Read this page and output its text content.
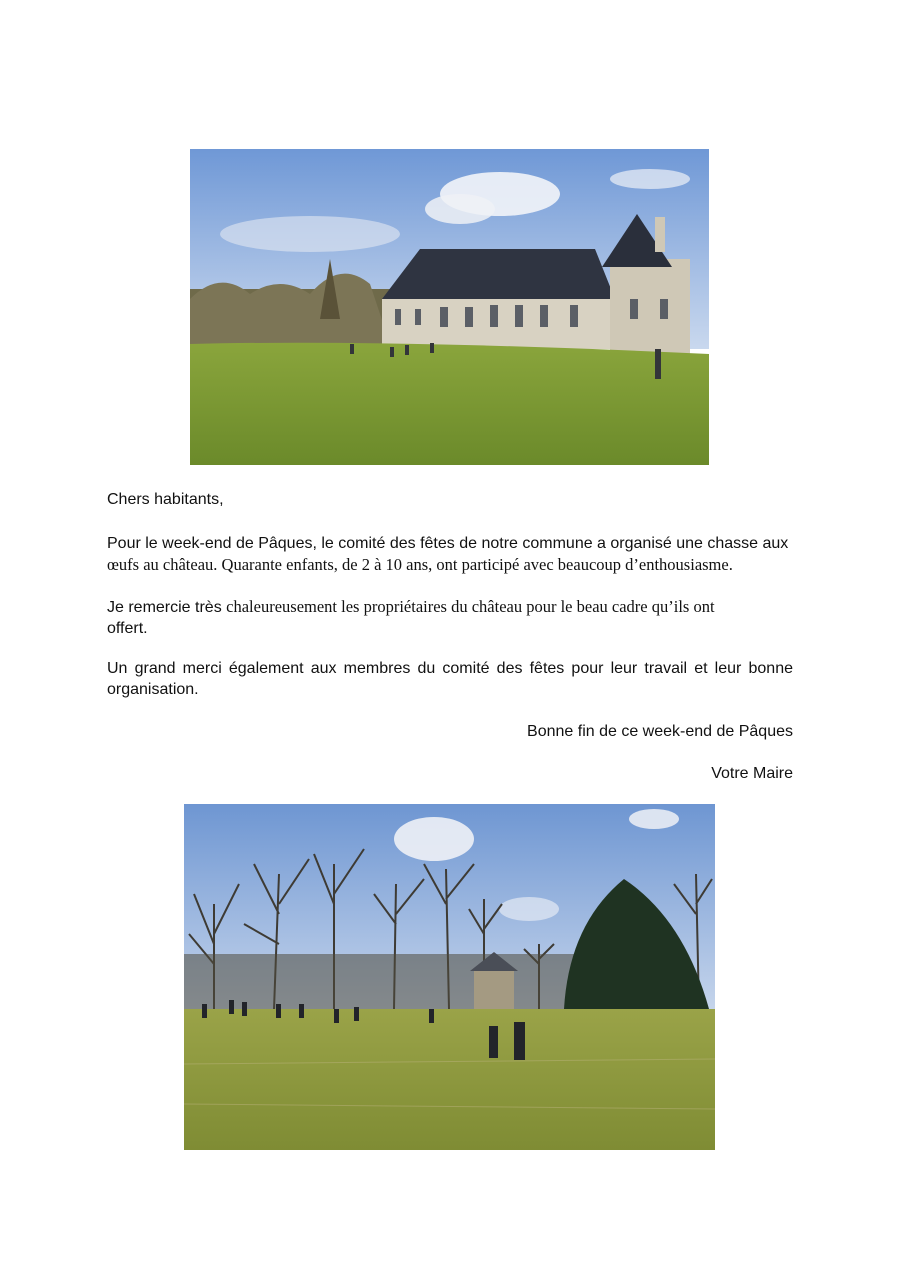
Chers habitants,

Pour le week-end de Pâques, le comité des fêtes de notre commune a organisé une chasse aux
œufs au château. Quarante enfants, de 2 à 10 ans, ont participé avec beaucoup d’enthousiasme.

Je remercie très chaleureusement les propriétaires du château pour le beau cadre qu’ils ont
offert.

Un grand merci également aux membres du comité des fêtes pour leur travail et leur bonne organisation.

Bonne fin de ce week-end de Pâques

Votre Maire
